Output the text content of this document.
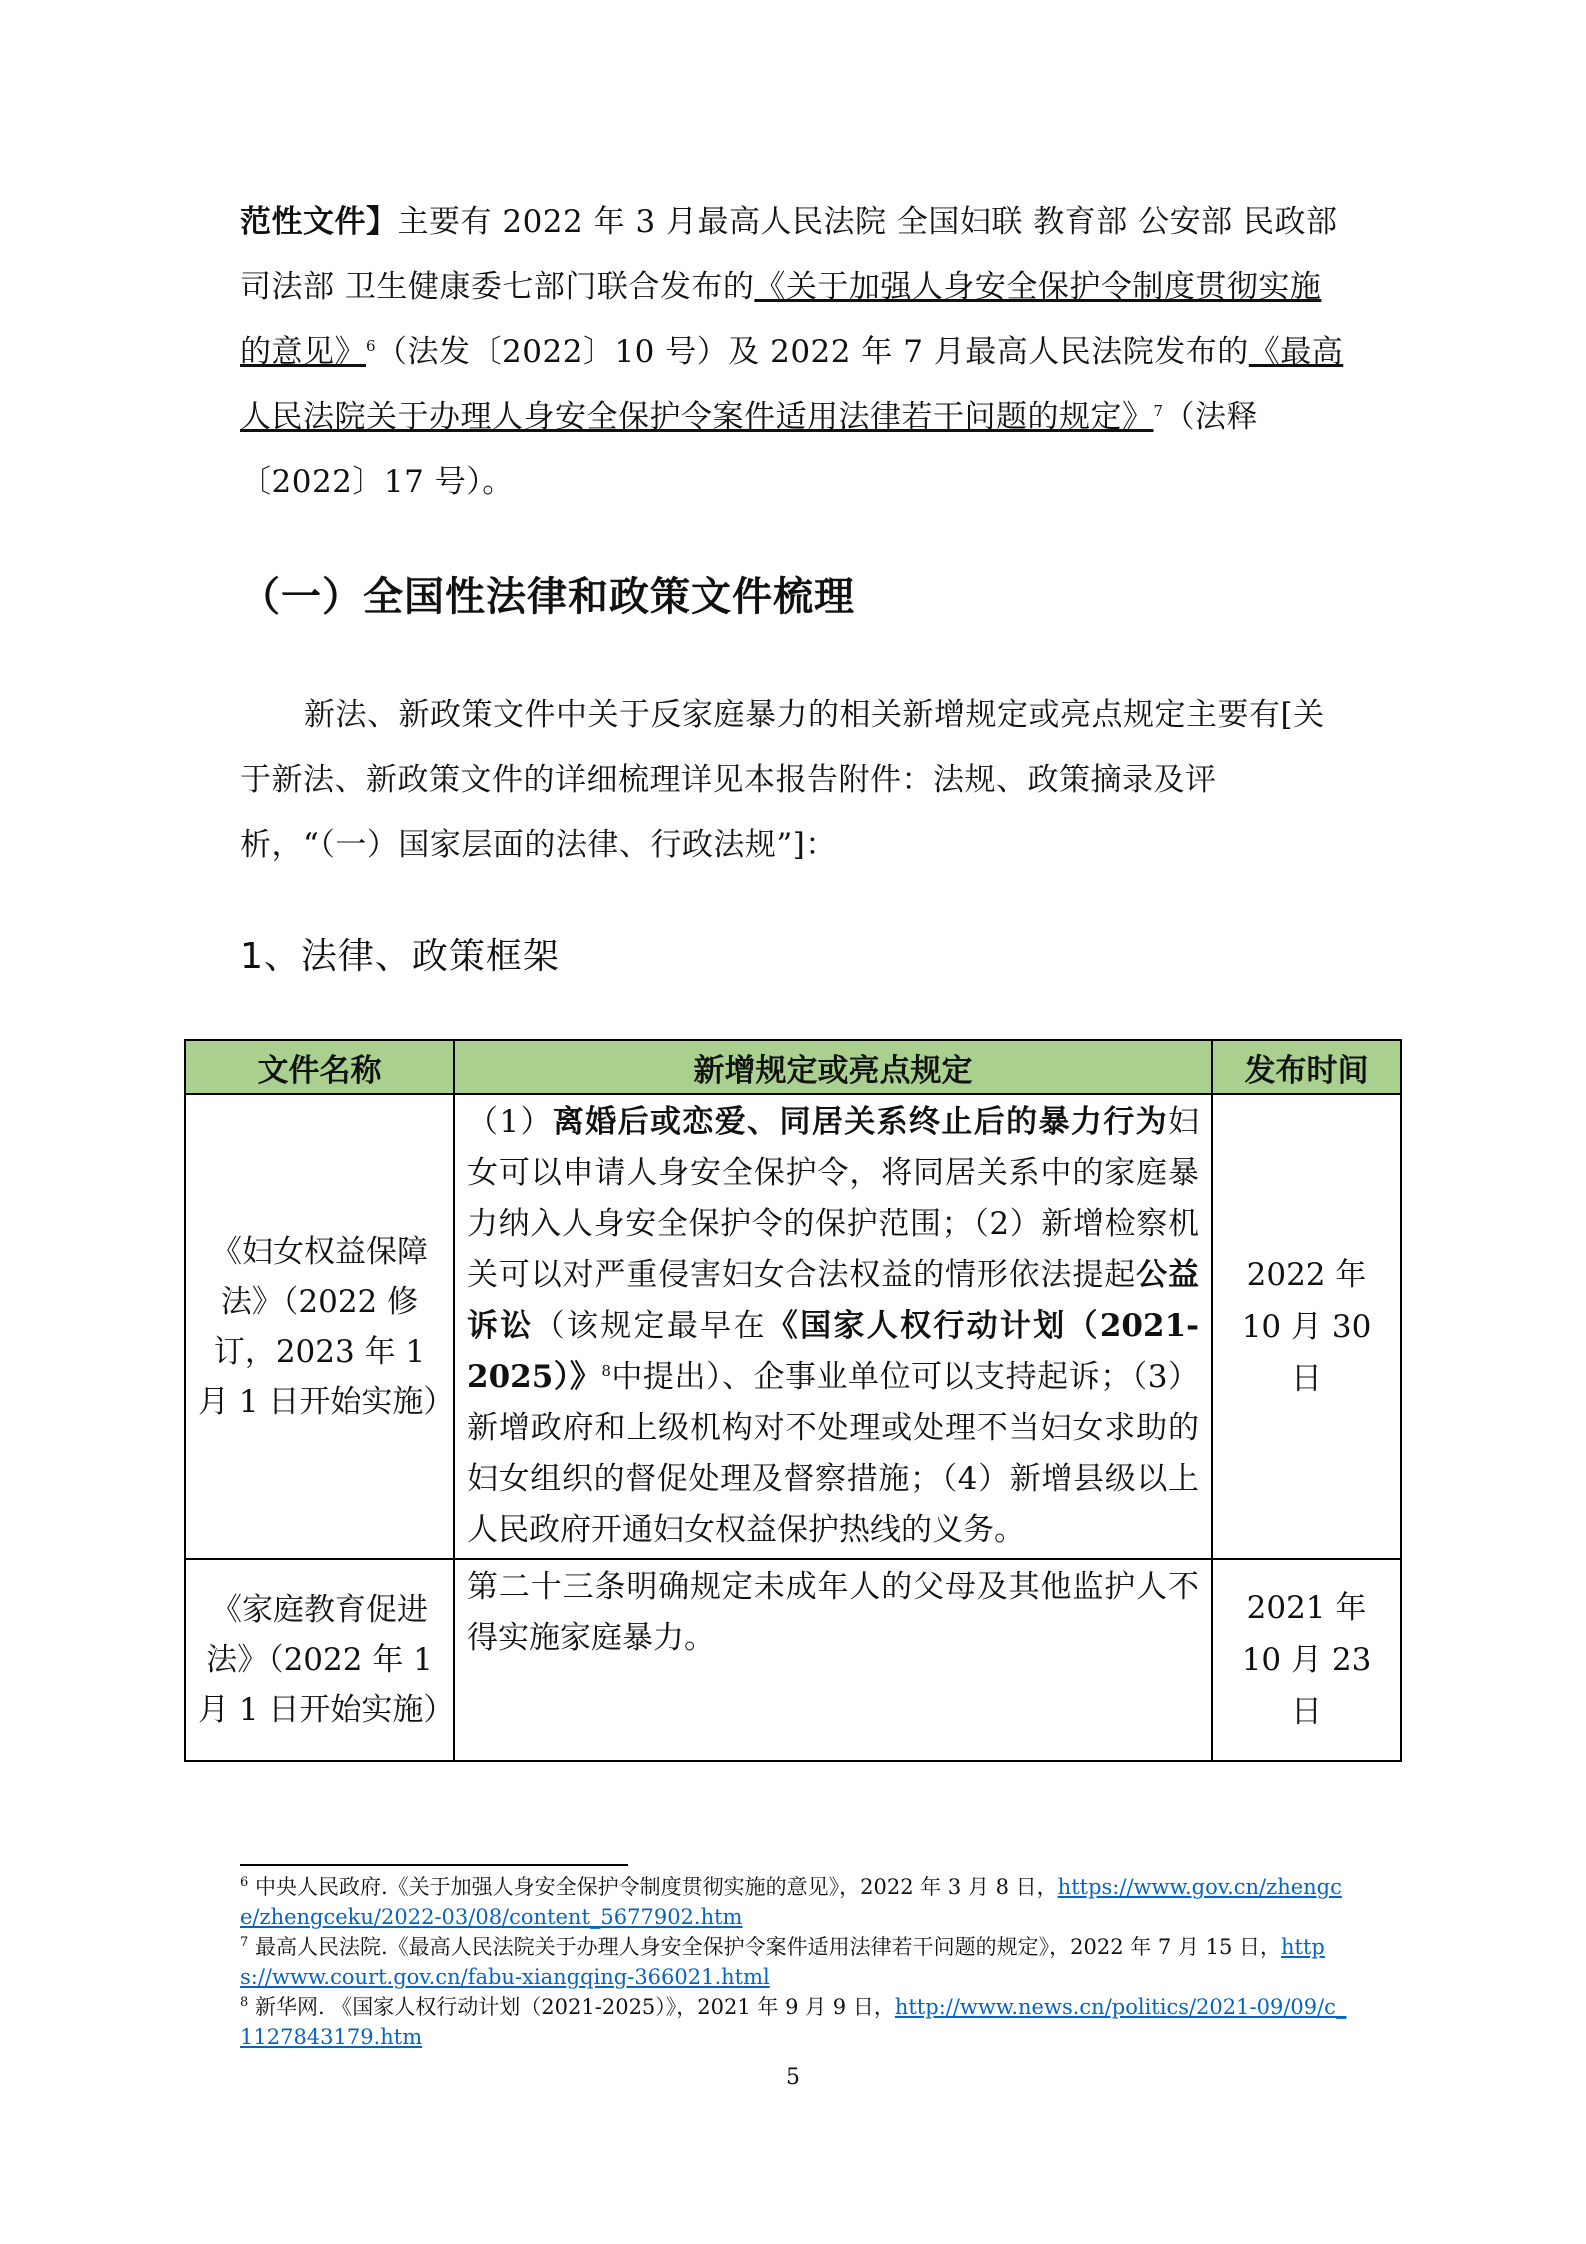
范性文件】主要有 2022 年 3 月最高人民法院 全国妇联 教育部 公安部 民政部司法部 卫生健康委七部门联合发布的《关于加强人身安全保护令制度贯彻实施的意见》$^6$（法发〔2022〕10 号）及 2022 年 7 月最高人民法院发布的《最高人民法院关于办理人身安全保护令案件适用法律若干问题的规定》$^7$（法释〔2022〕17 号）。

（一）全国性法律和政策文件梳理

新法、新政策文件中关于反家庭暴力的相关新增规定或亮点规定主要有[关于新法、新政策文件的详细梳理详见本报告附件：法规、政策摘录及评析，“（一）国家层面的法律、行政法规”]：

1、法律、政策框架
文件名称	新增规定或亮点规定	发布时间
《妇女权益保障法》（2022 修订，2023 年 1 月 1 日开始实施）	（1）离婚后或恋爱、同居关系终止后的暴力行为妇女可以申请人身安全保护令，将同居关系中的家庭暴力纳入人身安全保护令的保护范围；（2）新增检察机关可以对严重侵害妇女合法权益的情形依法提起公益诉讼（该规定最早在《国家人权行动计划（2021-2025）》$^8$中提出）、企事业单位可以支持起诉；（3）新增政府和上级机构对不处理或处理不当妇女求助的妇女组织的督促处理及督察措施；（4）新增县级以上人民政府开通妇女权益保护热线的义务。	2022 年 10 月 30 日
《家庭教育促进法》（2022 年 1 月 1 日开始实施）	第二十三条明确规定未成年人的父母及其他监护人不得实施家庭暴力。	2021 年 10 月 23 日
$^6$ 中央人民政府.《关于加强人身安全保护令制度贯彻实施的意见》，2022 年 3 月 8 日，https://www.gov.cn/zhengce/zhengceku/2022-03/08/content_5677902.htm
$^7$ 最高人民法院.《最高人民法院关于办理人身安全保护令案件适用法律若干问题的规定》，2022 年 7 月 15 日，https://www.court.gov.cn/fabu-xiangqing-366021.html
$^8$ 新华网. 《国家人权行动计划（2021-2025）》，2021 年 9 月 9 日，http://www.news.cn/politics/2021-09/09/c_1127843179.htm
5
